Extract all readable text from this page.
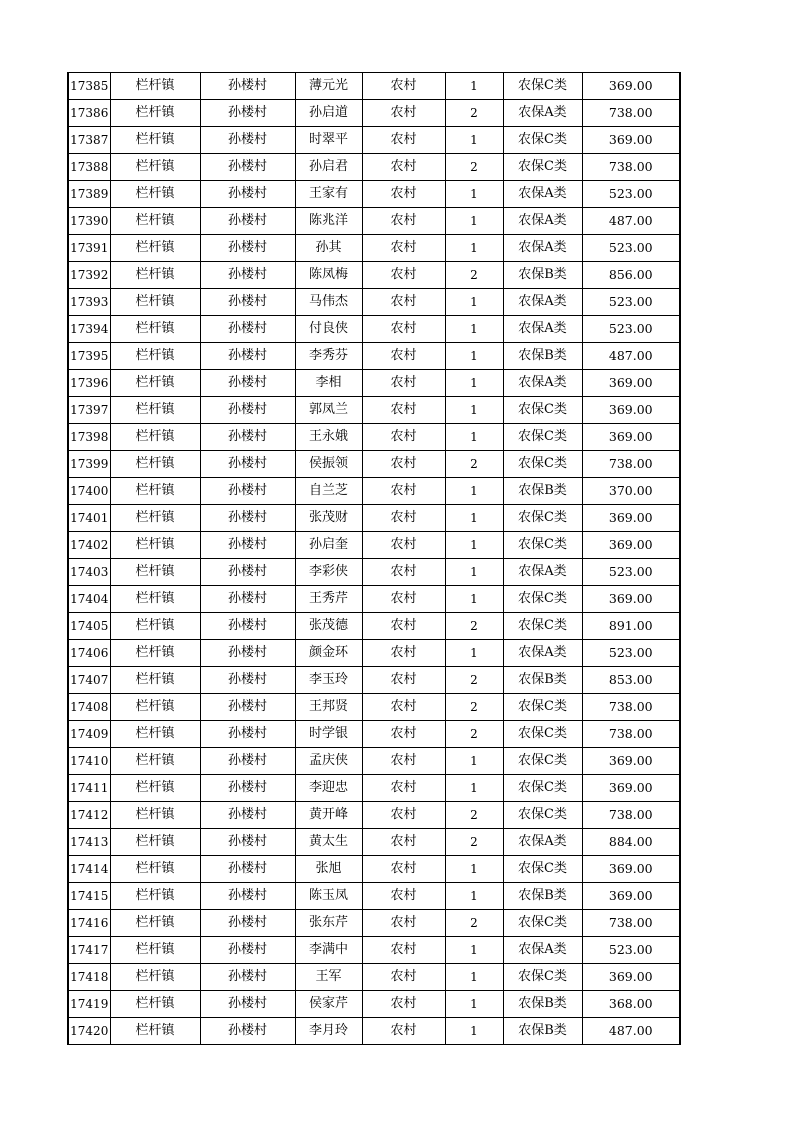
17385	栏杆镇	孙楼村	薄元光	农村	1	农保C类	369.00
17386	栏杆镇	孙楼村	孙启道	农村	2	农保A类	738.00
17387	栏杆镇	孙楼村	时翠平	农村	1	农保C类	369.00
17388	栏杆镇	孙楼村	孙启君	农村	2	农保C类	738.00
17389	栏杆镇	孙楼村	王家有	农村	1	农保A类	523.00
17390	栏杆镇	孙楼村	陈兆洋	农村	1	农保A类	487.00
17391	栏杆镇	孙楼村	孙其	农村	1	农保A类	523.00
17392	栏杆镇	孙楼村	陈凤梅	农村	2	农保B类	856.00
17393	栏杆镇	孙楼村	马伟杰	农村	1	农保A类	523.00
17394	栏杆镇	孙楼村	付良侠	农村	1	农保A类	523.00
17395	栏杆镇	孙楼村	李秀芬	农村	1	农保B类	487.00
17396	栏杆镇	孙楼村	李相	农村	1	农保A类	369.00
17397	栏杆镇	孙楼村	郭凤兰	农村	1	农保C类	369.00
17398	栏杆镇	孙楼村	王永娥	农村	1	农保C类	369.00
17399	栏杆镇	孙楼村	侯振领	农村	2	农保C类	738.00
17400	栏杆镇	孙楼村	自兰芝	农村	1	农保B类	370.00
17401	栏杆镇	孙楼村	张茂财	农村	1	农保C类	369.00
17402	栏杆镇	孙楼村	孙启奎	农村	1	农保C类	369.00
17403	栏杆镇	孙楼村	李彩侠	农村	1	农保A类	523.00
17404	栏杆镇	孙楼村	王秀芹	农村	1	农保C类	369.00
17405	栏杆镇	孙楼村	张茂德	农村	2	农保C类	891.00
17406	栏杆镇	孙楼村	颜金环	农村	1	农保A类	523.00
17407	栏杆镇	孙楼村	李玉玲	农村	2	农保B类	853.00
17408	栏杆镇	孙楼村	王邦贤	农村	2	农保C类	738.00
17409	栏杆镇	孙楼村	时学银	农村	2	农保C类	738.00
17410	栏杆镇	孙楼村	孟庆侠	农村	1	农保C类	369.00
17411	栏杆镇	孙楼村	李迎忠	农村	1	农保C类	369.00
17412	栏杆镇	孙楼村	黄开峰	农村	2	农保C类	738.00
17413	栏杆镇	孙楼村	黄太生	农村	2	农保A类	884.00
17414	栏杆镇	孙楼村	张旭	农村	1	农保C类	369.00
17415	栏杆镇	孙楼村	陈玉凤	农村	1	农保B类	369.00
17416	栏杆镇	孙楼村	张东芹	农村	2	农保C类	738.00
17417	栏杆镇	孙楼村	李满中	农村	1	农保A类	523.00
17418	栏杆镇	孙楼村	王军	农村	1	农保C类	369.00
17419	栏杆镇	孙楼村	侯家芹	农村	1	农保B类	368.00
17420	栏杆镇	孙楼村	李月玲	农村	1	农保B类	487.00
